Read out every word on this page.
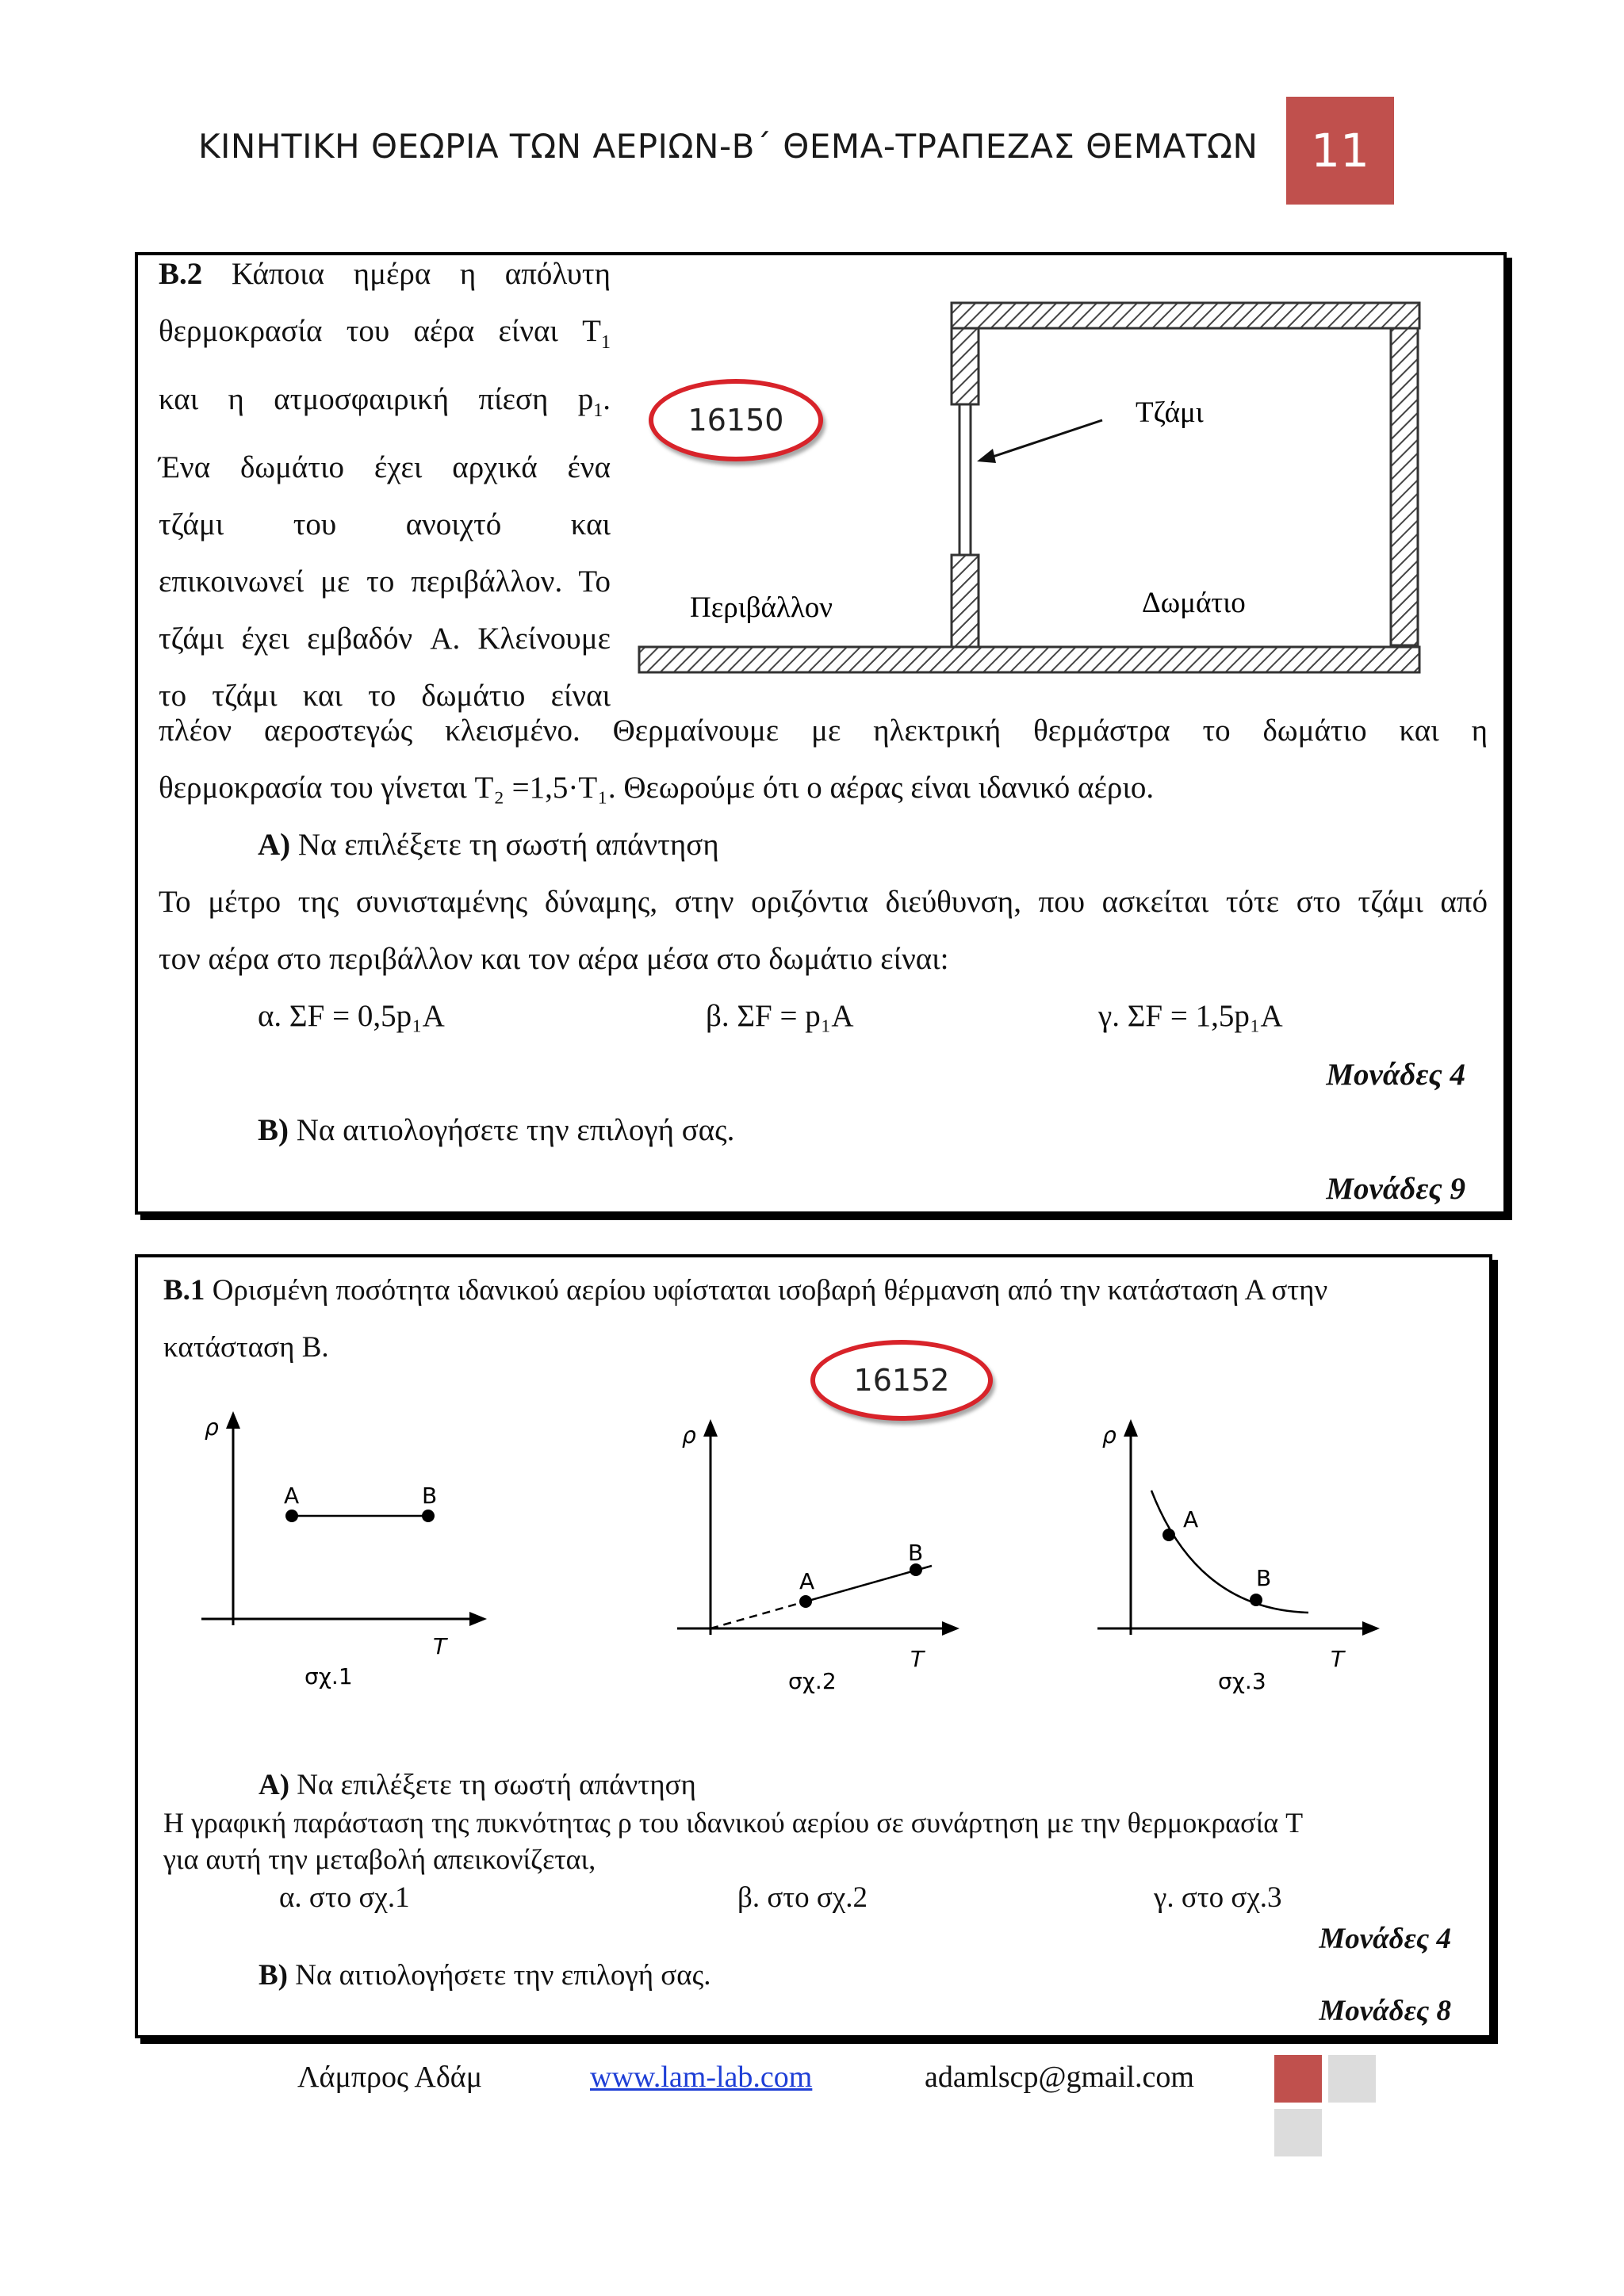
ΚΙΝΗΤΙΚΗ ΘΕΩΡΙΑ ΤΩΝ ΑΕΡΙΩΝ-Β΄ ΘΕΜΑ-ΤΡΑΠΕΖΑΣ ΘΕΜΑΤΩΝ	11
B.2 Κάποια ημέρα η απόλυτη
θερμοκρασία του αέρα είναι $T_1$
και η ατμοσφαιρική πίεση $p_1$.
Ένα δωμάτιο έχει αρχικά ένα
τζάμι του ανοιχτό και
επικοινωνεί με το περιβάλλον. Το
τζάμι έχει εμβαδόν A. Κλείνουμε
το τζάμι και το δωμάτιο είναι
16150	Τζάμι
Περιβάλλον	Δωμάτιο
πλέον αεροστεγώς κλεισμένο. Θερμαίνουμε με ηλεκτρική θερμάστρα το δωμάτιο και η
θερμοκρασία του γίνεται T₂ =1,5·T₁. Θεωρούμε ότι ο αέρας είναι ιδανικό αέριο.
A) Να επιλέξετε τη σωστή απάντηση
Το μέτρο της συνισταμένης δύναμης, στην οριζόντια διεύθυνση, που ασκείται τότε στο τζάμι από
τον αέρα στο περιβάλλον και τον αέρα μέσα στο δωμάτιο είναι:
α. ΣF = 0,5p₁A	β. ΣF = p₁A	γ. ΣF = 1,5p₁A
Μονάδες 4
B) Να αιτιολογήσετε την επιλογή σας.
Μονάδες 9
B.1 Ορισμένη ποσότητα ιδανικού αερίου υφίσταται ισοβαρή θέρμανση από την κατάσταση Α στην
κατάσταση Β.
16152
ρ
T
A	B
σχ.1
ρ
T
A
B
σχ.2
ρ
T
A
B
σχ.3
A) Να επιλέξετε τη σωστή απάντηση
Η γραφική παράσταση της πυκνότητας ρ του ιδανικού αερίου σε συνάρτηση με την θερμοκρασία T
για αυτή την μεταβολή απεικονίζεται,
α. στο σχ.1	β. στο σχ.2	γ. στο σχ.3
Μονάδες 4
B) Να αιτιολογήσετε την επιλογή σας.
Μονάδες 8
Λάμπρος Αδάμ	www.lam-lab.com	adamlscp@gmail.com
